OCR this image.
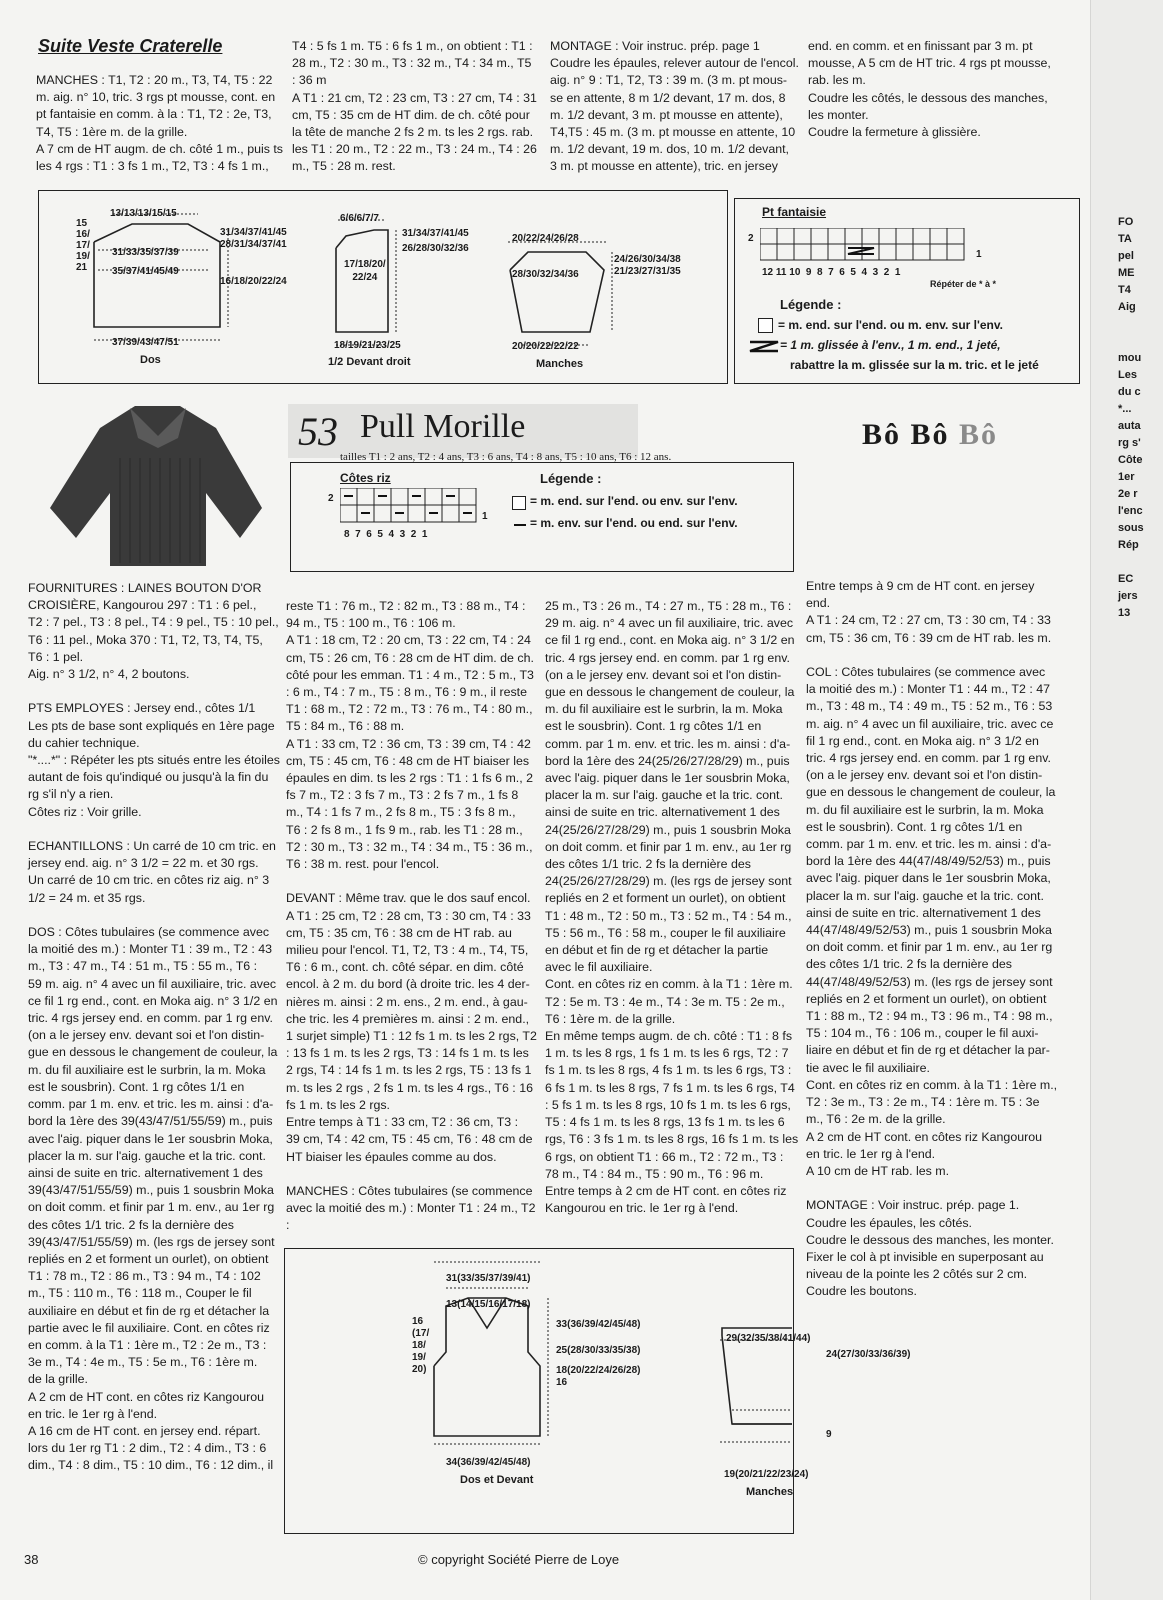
Suite Veste Craterelle
MANCHES : T1, T2 : 20 m., T3, T4, T5 : 22
m. aig. n° 10, tric. 3 rgs pt mousse, cont. en
pt fantaisie en comm. à la : T1, T2 : 2e, T3,
T4, T5 : 1ère m. de la grille.
A 7 cm de HT augm. de ch. côté 1 m., puis ts
les 4 rgs : T1 : 3 fs 1 m., T2, T3 : 4 fs 1 m.,
T4 : 5 fs 1 m. T5 : 6 fs 1 m., on obtient : T1 :
28 m., T2 : 30 m., T3 : 32 m., T4 : 34 m., T5
: 36 m
A T1 : 21 cm, T2 : 23 cm, T3 : 27 cm, T4 : 31
cm, T5 : 35 cm de HT dim. de ch. côté pour
la tête de manche 2 fs 2 m. ts les 2 rgs. rab.
les T1 : 20 m., T2 : 22 m., T3 : 24 m., T4 : 26
m., T5 : 28 m. rest.
MONTAGE : Voir instruc. prép. page 1
Coudre les épaules, relever autour de l'encol.
aig. n° 9 : T1, T2, T3 : 39 m. (3 m. pt mous-
se en attente, 8 m 1/2 devant, 17 m. dos, 8
m. 1/2 devant, 3 m. pt mousse en attente),
T4,T5 : 45 m. (3 m. pt mousse en attente, 10
m. 1/2 devant, 19 m. dos, 10 m. 1/2 devant,
3 m. pt mousse en attente), tric. en jersey
end. en comm. et en finissant par 3 m. pt
mousse, A 5 cm de HT tric. 4 rgs pt mousse,
rab. les m.
Coudre les côtés, le dessous des manches,
les monter.
Coudre la fermeture à glissière.
13/13/13/15/15
15
16/
17/
19/
21
31/33/35/37/39
35/37/41/45/49
31/34/37/41/45
28/31/34/37/41
16/18/20/22/24
37/39/43/47/51
Dos
6/6/6/7/7
31/34/37/41/45
26/28/30/32/36
17/18/20/
22/24
18/19/21/23/25
1/2 Devant droit
20/22/24/26/28
28/30/32/34/36
24/26/30/34/38
21/23/27/31/35
20/20/22/22/22
Manches
Pt fantaisie
2
1
12 11 10  9  8  7  6  5  4  3  2  1
Répéter de * à *
Légende :
= m. end. sur l'end. ou m. env. sur l'env.
= 1 m. glissée à l'env., 1 m. end., 1 jeté,
rabattre la m. glissée sur la m. tric. et le jeté
53 Pull Morille
tailles T1 : 2 ans, T2 : 4 ans, T3 : 6 ans, T4 : 8 ans, T5 : 10 ans, T6 : 12 ans.
Bô Bô Bô
Côtes riz
2
1
8  7  6  5  4  3  2  1
Légende :
= m. end. sur l'end. ou env. sur l'env.
= m. env. sur l'end. ou end. sur l'env.
FOURNITURES : LAINES BOUTON D'OR
CROISIÈRE, Kangourou 297 : T1 : 6 pel.,
T2 : 7 pel., T3 : 8 pel., T4 : 9 pel., T5 : 10 pel.,
T6 : 11 pel., Moka 370 : T1, T2, T3, T4, T5,
T6 : 1 pel.
Aig. n° 3 1/2, n° 4, 2 boutons.

PTS EMPLOYES : Jersey end., côtes 1/1
Les pts de base sont expliqués en 1ère page
du cahier technique.
"*....*" : Répéter les pts situés entre les étoiles
autant de fois qu'indiqué ou jusqu'à la fin du
rg s'il n'y a rien.
Côtes riz : Voir grille.

ECHANTILLONS : Un carré de 10 cm tric. en
jersey end. aig. n° 3 1/2 = 22 m. et 30 rgs.
Un carré de 10 cm tric. en côtes riz aig. n° 3
1/2 = 24 m. et 35 rgs.

DOS : Côtes tubulaires (se commence avec
la moitié des m.) : Monter T1 : 39 m., T2 : 43
m., T3 : 47 m., T4 : 51 m., T5 : 55 m., T6 :
59 m. aig. n° 4 avec un fil auxiliaire, tric. avec
ce fil 1 rg end., cont. en Moka aig. n° 3 1/2 en
tric. 4 rgs jersey end. en comm. par 1 rg env.
(on a le jersey env. devant soi et l'on distin-
gue en dessous le changement de couleur, la
m. du fil auxiliaire est le surbrin, la m. Moka
est le sousbrin). Cont. 1 rg côtes 1/1 en
comm. par 1 m. env. et tric. les m. ainsi : d'a-
bord la 1ère des 39(43/47/51/55/59) m., puis
avec l'aig. piquer dans le 1er sousbrin Moka,
placer la m. sur l'aig. gauche et la tric. cont.
ainsi de suite en tric. alternativement 1 des
39(43/47/51/55/59) m., puis 1 sousbrin Moka
on doit comm. et finir par 1 m. env., au 1er rg
des côtes 1/1 tric. 2 fs la dernière des
39(43/47/51/55/59) m. (les rgs de jersey sont
repliés en 2 et forment un ourlet), on obtient
T1 : 78 m., T2 : 86 m., T3 : 94 m., T4 : 102
m., T5 : 110 m., T6 : 118 m., Couper le fil
auxiliaire en début et fin de rg et détacher la
partie avec le fil auxiliaire. Cont. en côtes riz
en comm. à la T1 : 1ère m., T2 : 2e m., T3 :
3e m., T4 : 4e m., T5 : 5e m., T6 : 1ère m.
de la grille.
A 2 cm de HT cont. en côtes riz Kangourou
en tric. le 1er rg à l'end.
A 16 cm de HT cont. en jersey end. répart.
lors du 1er rg T1 : 2 dim., T2 : 4 dim., T3 : 6
dim., T4 : 8 dim., T5 : 10 dim., T6 : 12 dim., il
reste T1 : 76 m., T2 : 82 m., T3 : 88 m., T4 :
94 m., T5 : 100 m., T6 : 106 m.
A T1 : 18 cm, T2 : 20 cm, T3 : 22 cm, T4 : 24
cm, T5 : 26 cm, T6 : 28 cm de HT dim. de ch.
côté pour les emman. T1 : 4 m., T2 : 5 m., T3
: 6 m., T4 : 7 m., T5 : 8 m., T6 : 9 m., il reste
T1 : 68 m., T2 : 72 m., T3 : 76 m., T4 : 80 m.,
T5 : 84 m., T6 : 88 m.
A T1 : 33 cm, T2 : 36 cm, T3 : 39 cm, T4 : 42
cm, T5 : 45 cm, T6 : 48 cm de HT biaiser les
épaules en dim. ts les 2 rgs : T1 : 1 fs 6 m., 2
fs 7 m., T2 : 3 fs 7 m., T3 : 2 fs 7 m., 1 fs 8
m., T4 : 1 fs 7 m., 2 fs 8 m., T5 : 3 fs 8 m.,
T6 : 2 fs 8 m., 1 fs 9 m., rab. les T1 : 28 m.,
T2 : 30 m., T3 : 32 m., T4 : 34 m., T5 : 36 m.,
T6 : 38 m. rest. pour l'encol.

DEVANT : Même trav. que le dos sauf encol.
A T1 : 25 cm, T2 : 28 cm, T3 : 30 cm, T4 : 33
cm, T5 : 35 cm, T6 : 38 cm de HT rab. au
milieu pour l'encol. T1, T2, T3 : 4 m., T4, T5,
T6 : 6 m., cont. ch. côté sépar. en dim. côté
encol. à 2 m. du bord (à droite tric. les 4 der-
nières m. ainsi : 2 m. ens., 2 m. end., à gau-
che tric. les 4 premières m. ainsi : 2 m. end.,
1 surjet simple) T1 : 12 fs 1 m. ts les 2 rgs, T2
: 13 fs 1 m. ts les 2 rgs, T3 : 14 fs 1 m. ts les
2 rgs, T4 : 14 fs 1 m. ts les 2 rgs, T5 : 13 fs 1
m. ts les 2 rgs , 2 fs 1 m. ts les 4 rgs., T6 : 16
fs 1 m. ts les 2 rgs.
Entre temps à T1 : 33 cm, T2 : 36 cm, T3 :
39 cm, T4 : 42 cm, T5 : 45 cm, T6 : 48 cm de
HT biaiser les épaules comme au dos.

MANCHES : Côtes tubulaires (se commence
avec la moitié des m.) : Monter T1 : 24 m., T2 :
25 m., T3 : 26 m., T4 : 27 m., T5 : 28 m., T6 :
29 m. aig. n° 4 avec un fil auxiliaire, tric. avec
ce fil 1 rg end., cont. en Moka aig. n° 3 1/2 en
tric. 4 rgs jersey end. en comm. par 1 rg env.
(on a le jersey env. devant soi et l'on distin-
gue en dessous le changement de couleur, la
m. du fil auxiliaire est le surbrin, la m. Moka
est le sousbrin). Cont. 1 rg côtes 1/1 en
comm. par 1 m. env. et tric. les m. ainsi : d'a-
bord la 1ère des 24(25/26/27/28/29) m., puis
avec l'aig. piquer dans le 1er sousbrin Moka,
placer la m. sur l'aig. gauche et la tric. cont.
ainsi de suite en tric. alternativement 1 des
24(25/26/27/28/29) m., puis 1 sousbrin Moka
on doit comm. et finir par 1 m. env., au 1er rg
des côtes 1/1 tric. 2 fs la dernière des
24(25/26/27/28/29) m. (les rgs de jersey sont
repliés en 2 et forment un ourlet), on obtient
T1 : 48 m., T2 : 50 m., T3 : 52 m., T4 : 54 m.,
T5 : 56 m., T6 : 58 m., couper le fil auxiliaire
en début et fin de rg et détacher la partie
avec le fil auxiliaire.
Cont. en côtes riz en comm. à la T1 : 1ère m.
T2 : 5e m. T3 : 4e m., T4 : 3e m. T5 : 2e m.,
T6 : 1ère m. de la grille.
En même temps augm. de ch. côté : T1 : 8 fs
1 m. ts les 8 rgs, 1 fs 1 m. ts les 6 rgs, T2 : 7
fs 1 m. ts les 8 rgs, 4 fs 1 m. ts les 6 rgs, T3 :
6 fs 1 m. ts les 8 rgs, 7 fs 1 m. ts les 6 rgs, T4
: 5 fs 1 m. ts les 8 rgs, 10 fs 1 m. ts les 6 rgs,
T5 : 4 fs 1 m. ts les 8 rgs, 13 fs 1 m. ts les 6
rgs, T6 : 3 fs 1 m. ts les 8 rgs, 16 fs 1 m. ts les
6 rgs, on obtient T1 : 66 m., T2 : 72 m., T3 :
78 m., T4 : 84 m., T5 : 90 m., T6 : 96 m.
Entre temps à 2 cm de HT cont. en côtes riz
Kangourou en tric. le 1er rg à l'end.
Entre temps à 9 cm de HT cont. en jersey
end.
A T1 : 24 cm, T2 : 27 cm, T3 : 30 cm, T4 : 33
cm, T5 : 36 cm, T6 : 39 cm de HT rab. les m.

COL : Côtes tubulaires (se commence avec
la moitié des m.) : Monter T1 : 44 m., T2 : 47
m., T3 : 48 m., T4 : 49 m., T5 : 52 m., T6 : 53
m. aig. n° 4 avec un fil auxiliaire, tric. avec ce
fil 1 rg end., cont. en Moka aig. n° 3 1/2 en
tric. 4 rgs jersey end. en comm. par 1 rg env.
(on a le jersey env. devant soi et l'on distin-
gue en dessous le changement de couleur, la
m. du fil auxiliaire est le surbrin, la m. Moka
est le sousbrin). Cont. 1 rg côtes 1/1 en
comm. par 1 m. env. et tric. les m. ainsi : d'a-
bord la 1ère des 44(47/48/49/52/53) m., puis
avec l'aig. piquer dans le 1er sousbrin Moka,
placer la m. sur l'aig. gauche et la tric. cont.
ainsi de suite en tric. alternativement 1 des
44(47/48/49/52/53) m., puis 1 sousbrin Moka
on doit comm. et finir par 1 m. env., au 1er rg
des côtes 1/1 tric. 2 fs la dernière des
44(47/48/49/52/53) m. (les rgs de jersey sont
repliés en 2 et forment un ourlet), on obtient
T1 : 88 m., T2 : 94 m., T3 : 96 m., T4 : 98 m.,
T5 : 104 m., T6 : 106 m., couper le fil auxi-
liaire en début et fin de rg et détacher la par-
tie avec le fil auxiliaire.
Cont. en côtes riz en comm. à la T1 : 1ère m.,
T2 : 3e m., T3 : 2e m., T4 : 1ère m. T5 : 3e
m., T6 : 2e m. de la grille.
A 2 cm de HT cont. en côtes riz Kangourou
en tric. le 1er rg à l'end.
A 10 cm de HT rab. les m.

MONTAGE : Voir instruc. prép. page 1.
Coudre les épaules, les côtés.
Coudre le dessous des manches, les monter.
Fixer le col à pt invisible en superposant au
niveau de la pointe les 2 côtés sur 2 cm.
Coudre les boutons.
31(33/35/37/39/41)
13(14/15/16/17/18)
16
(17/
18/
19/
20)
33(36/39/42/45/48)
25(28/30/33/35/38)
18(20/22/24/26/28)
16
34(36/39/42/45/48)
Dos et Devant
29(32/35/38/41/44)
24(27/30/33/36/39)
9
19(20/21/22/23/24)
Manches
38	© copyright Société Pierre de Loye
FO
TA
pel
ME
T4
Aig

mou
Les
du c
*...
auta
rg s'
Côte
1er
2e r
l'enc
sous
Rép

EC
jers
13
